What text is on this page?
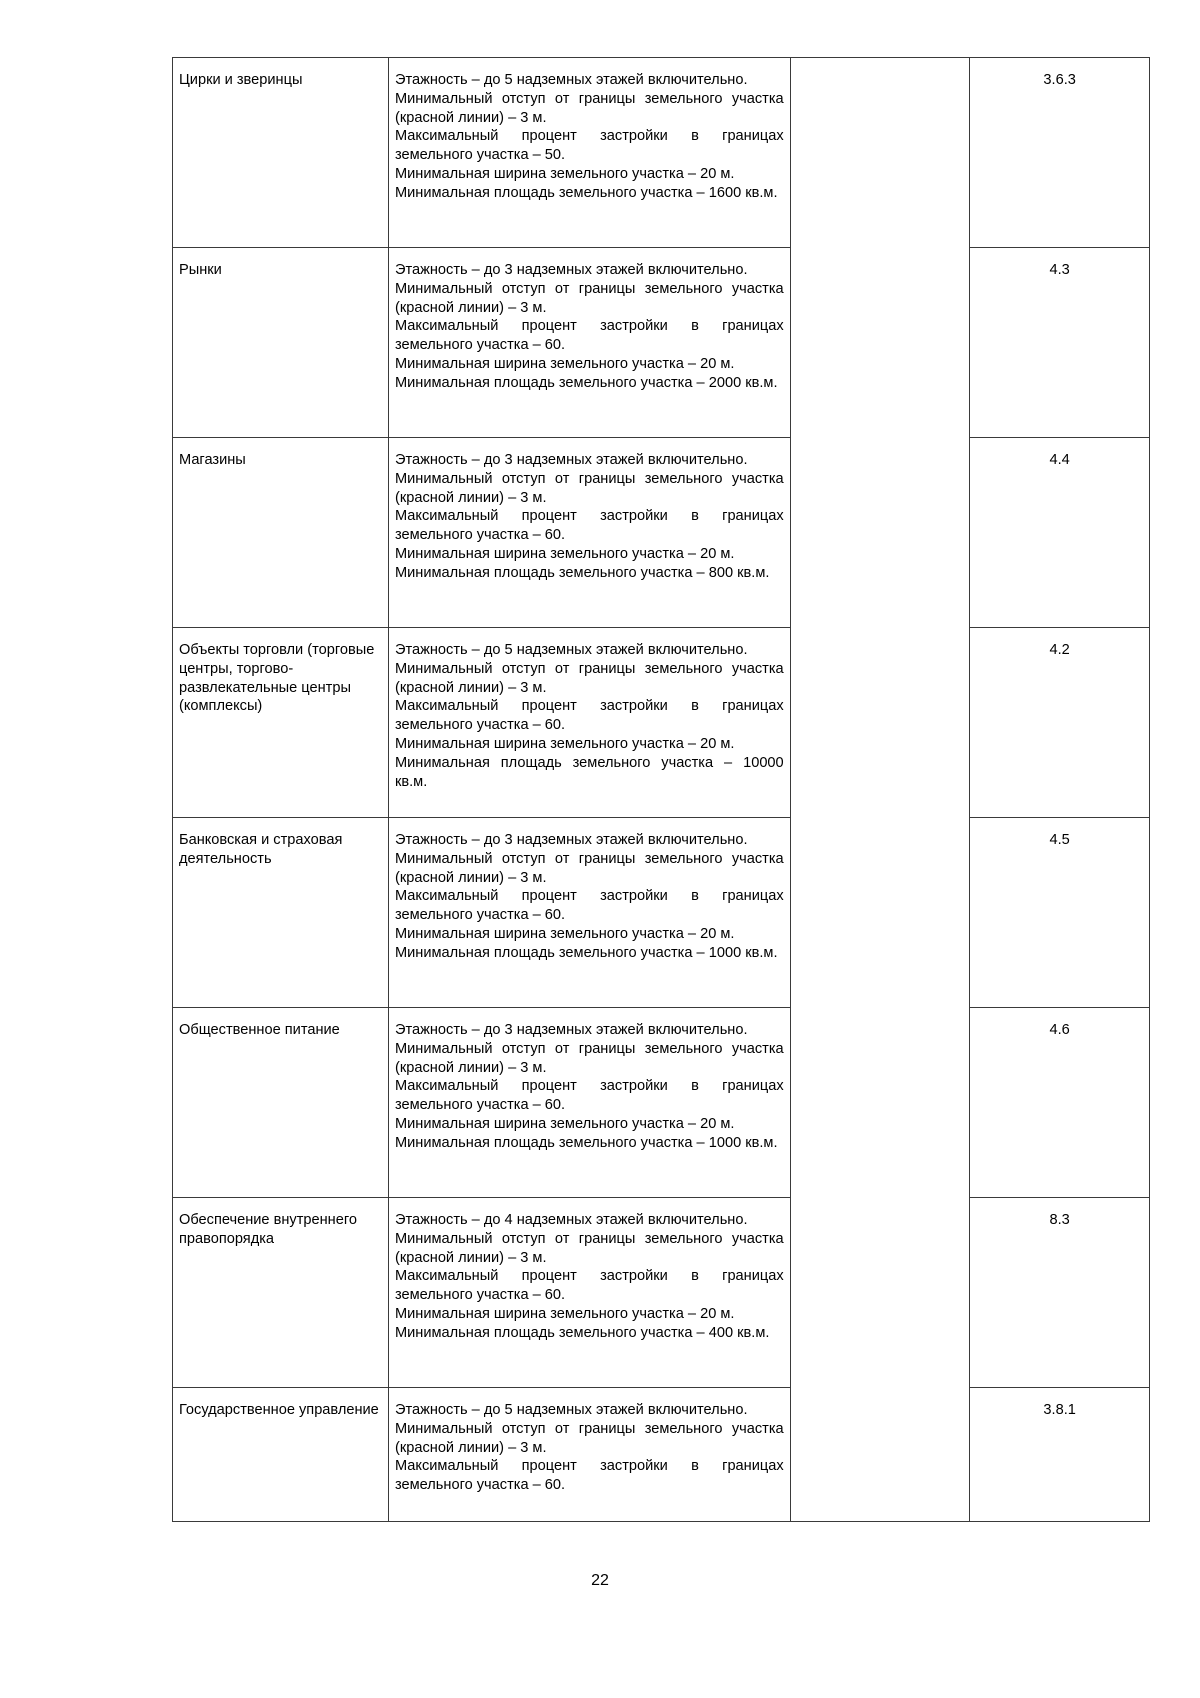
Цирки и зверинцы	Этажность – до 5 надземных этажей включительно.
Минимальный отступ от границы земельного участка (красной линии) – 3 м.
Максимальный процент застройки в границах земельного участка – 50.
Минимальная ширина земельного участка – 20 м.
Минимальная площадь земельного участка – 1600 кв.м.		3.6.3
Рынки	Этажность – до 3 надземных этажей включительно.
Минимальный отступ от границы земельного участка (красной линии) – 3 м.
Максимальный процент застройки в границах земельного участка – 60.
Минимальная ширина земельного участка – 20 м.
Минимальная площадь земельного участка – 2000 кв.м.		4.3
Магазины	Этажность – до 3 надземных этажей включительно.
Минимальный отступ от границы земельного участка (красной линии) – 3 м.
Максимальный процент застройки в границах земельного участка – 60.
Минимальная ширина земельного участка – 20 м.
Минимальная площадь земельного участка – 800 кв.м.		4.4
Объекты торговли (торговые центры, торгово-развлекательные центры (комплексы)	Этажность – до 5 надземных этажей включительно.
Минимальный отступ от границы земельного участка (красной линии) – 3 м.
Максимальный процент застройки в границах земельного участка – 60.
Минимальная ширина земельного участка – 20 м.
Минимальная площадь земельного участка – 10000 кв.м.		4.2
Банковская и страховая деятельность	Этажность – до 3 надземных этажей включительно.
Минимальный отступ от границы земельного участка (красной линии) – 3 м.
Максимальный процент застройки в границах земельного участка – 60.
Минимальная ширина земельного участка – 20 м.
Минимальная площадь земельного участка – 1000 кв.м.		4.5
Общественное питание	Этажность – до 3 надземных этажей включительно.
Минимальный отступ от границы земельного участка (красной линии) – 3 м.
Максимальный процент застройки в границах земельного участка – 60.
Минимальная ширина земельного участка – 20 м.
Минимальная площадь земельного участка – 1000 кв.м.		4.6
Обеспечение внутреннего правопорядка	Этажность – до 4 надземных этажей включительно.
Минимальный отступ от границы земельного участка (красной линии) – 3 м.
Максимальный процент застройки в границах земельного участка – 60.
Минимальная ширина земельного участка – 20 м.
Минимальная площадь земельного участка – 400 кв.м.		8.3
Государственное управление	Этажность – до 5 надземных этажей включительно.
Минимальный отступ от границы земельного участка (красной линии) – 3 м.
Максимальный процент застройки в границах земельного участка – 60.		3.8.1
22
